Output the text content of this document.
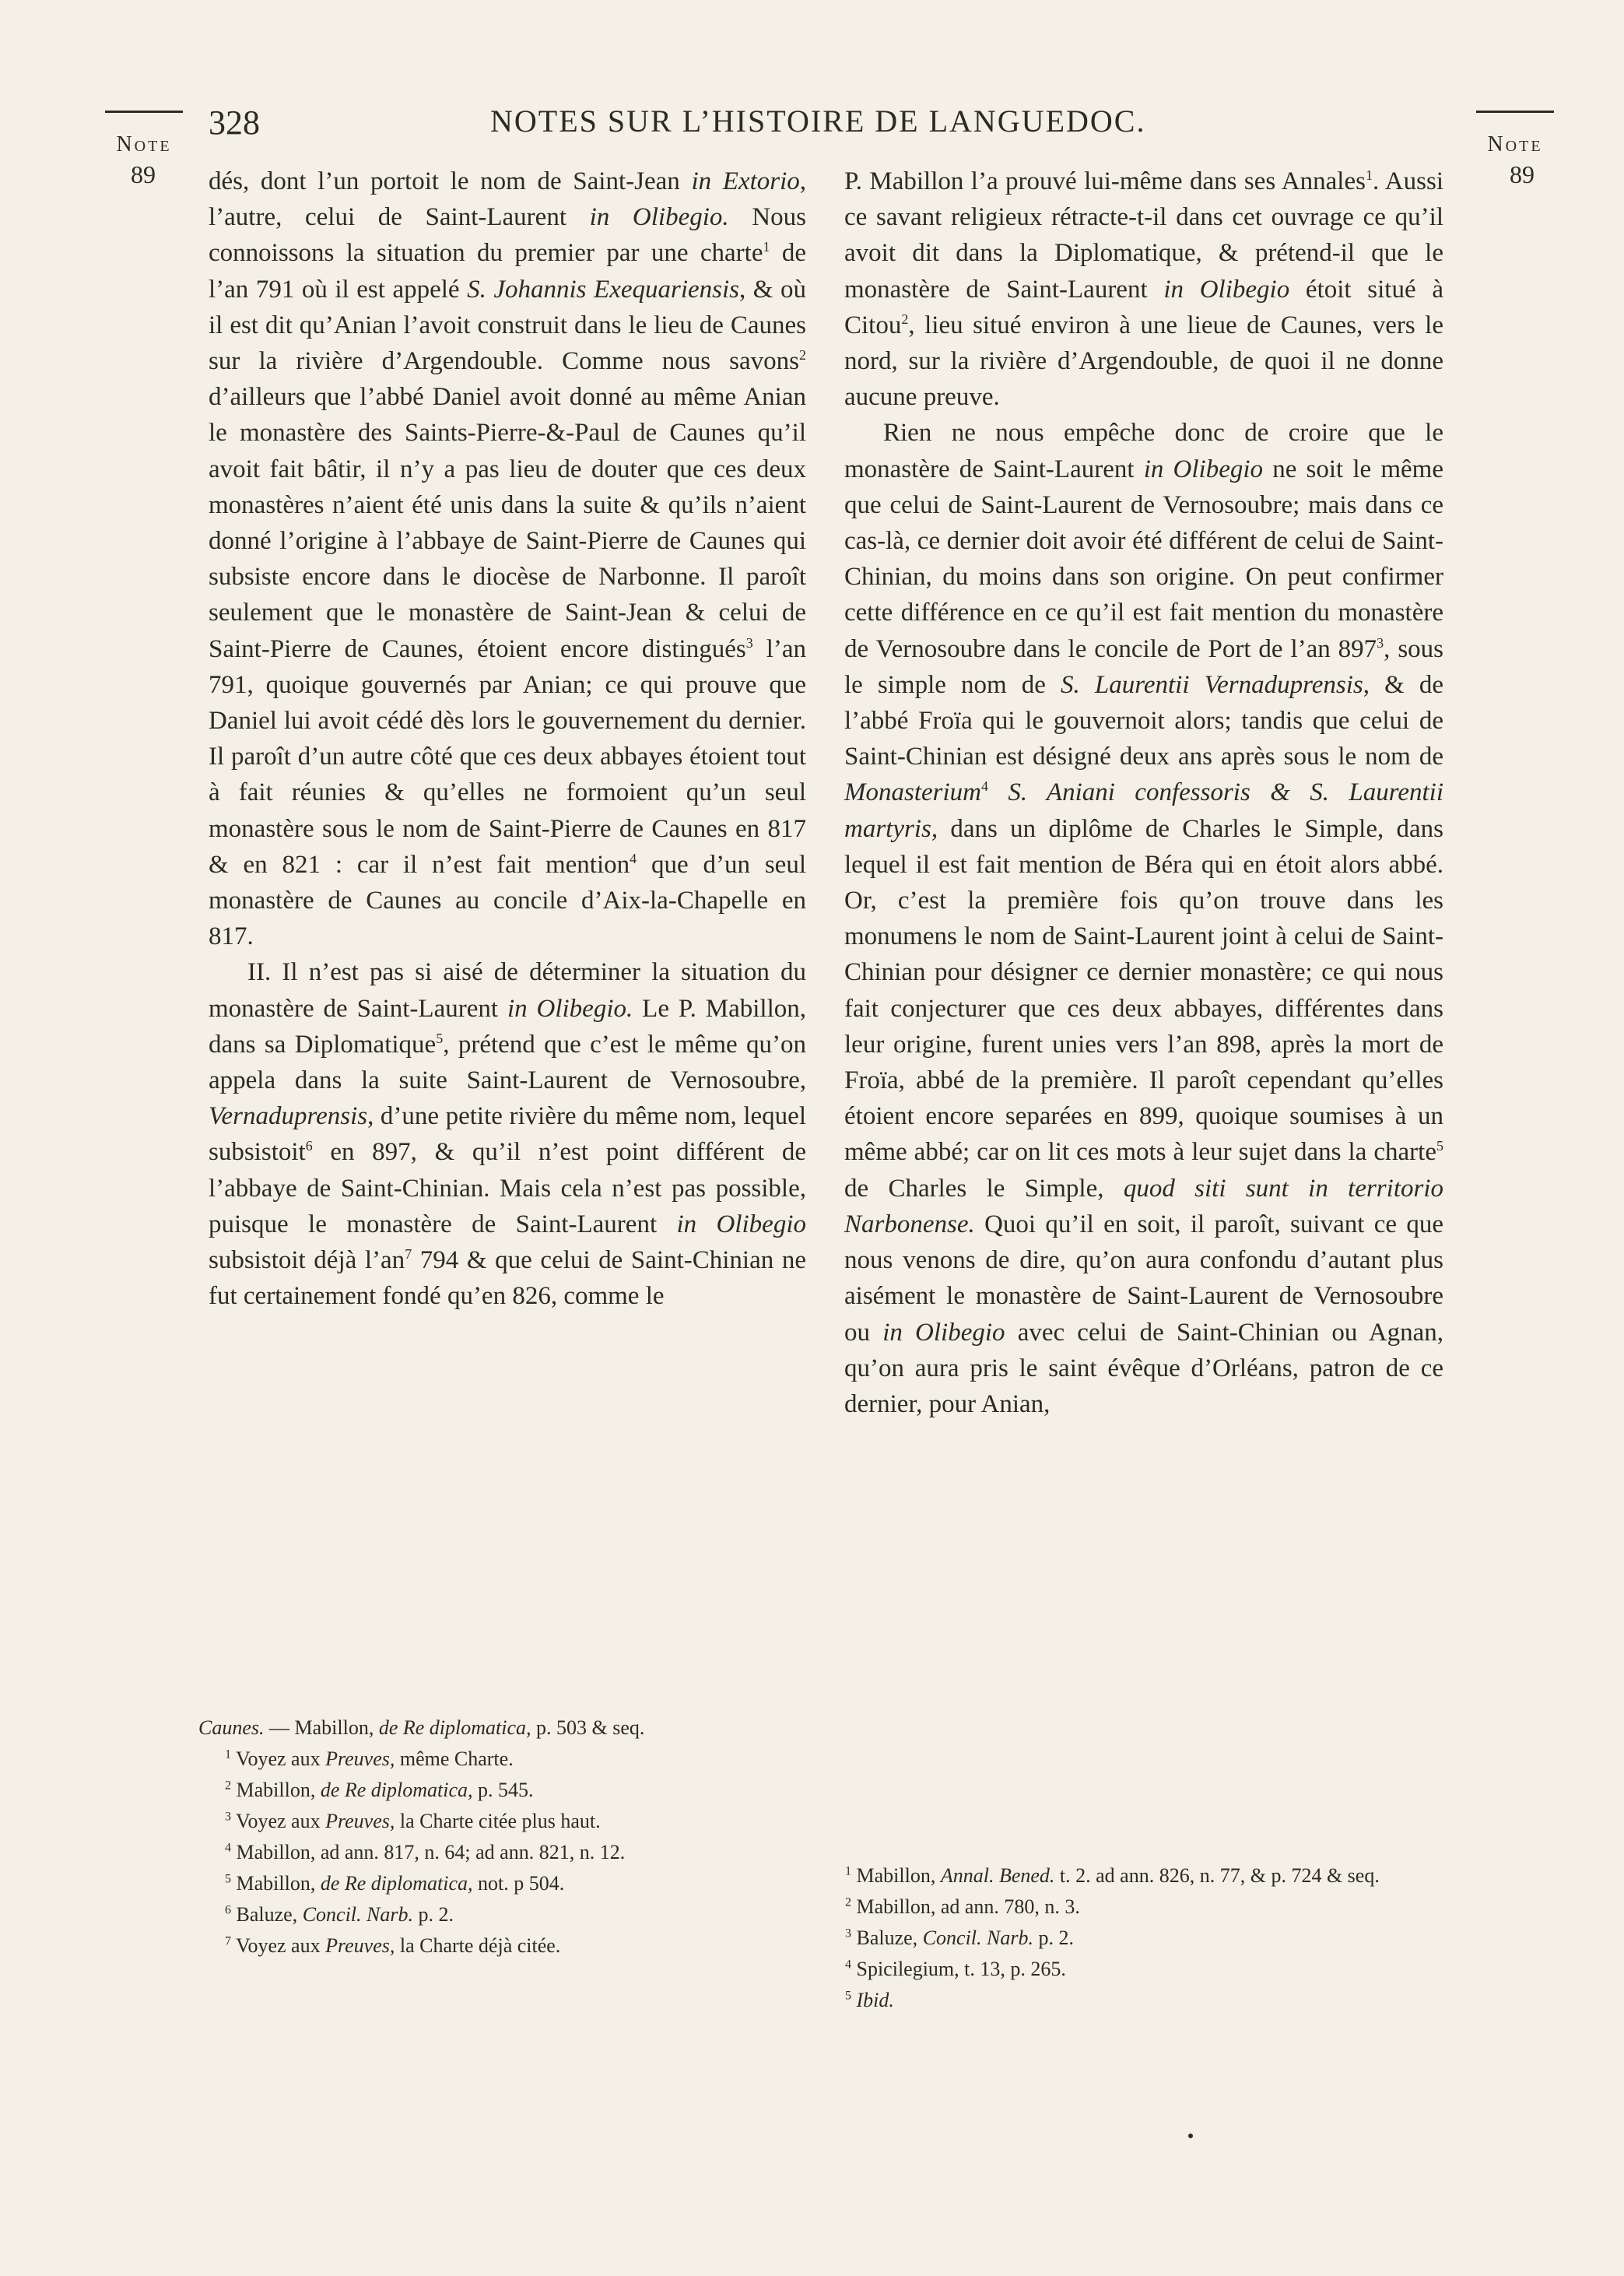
Note
89
Note
89
328	NOTES SUR L’HISTOIRE DE LANGUEDOC.

dés, dont l’un portoit le nom de Saint-Jean in Extorio, l’autre, celui de Saint-Laurent in Olibegio. Nous connoissons la situation du premier par une charte$^1$ de l’an 791 où il est appelé S. Johannis Exequariensis, & où il est dit qu’Anian l’avoit construit dans le lieu de Caunes sur la rivière d’Argendouble. Comme nous savons$^2$ d’ailleurs que l’abbé Daniel avoit donné au même Anian le monastère des Saints-Pierre-&-Paul de Caunes qu’il avoit fait bâtir, il n’y a pas lieu de douter que ces deux monastères n’aient été unis dans la suite & qu’ils n’aient donné l’origine à l’abbaye de Saint-Pierre de Caunes qui subsiste encore dans le diocèse de Narbonne. Il paroît seulement que le monastère de Saint-Jean & celui de Saint-Pierre de Caunes, étoient encore distingués$^3$ l’an 791, quoique gouvernés par Anian; ce qui prouve que Daniel lui avoit cédé dès lors le gouvernement du dernier. Il paroît d’un autre côté que ces deux abbayes étoient tout à fait réunies & qu’elles ne formoient qu’un seul monastère sous le nom de Saint-Pierre de Caunes en 817 & en 821 : car il n’est fait mention$^4$ que d’un seul monastère de Caunes au concile d’Aix-la-Chapelle en 817.

II. Il n’est pas si aisé de déterminer la situation du monastère de Saint-Laurent in Olibegio. Le P. Mabillon, dans sa Diplomatique$^5$, prétend que c’est le même qu’on appela dans la suite Saint-Laurent de Vernosoubre, Vernaduprensis, d’une petite rivière du même nom, lequel subsistoit$^6$ en 897, & qu’il n’est point différent de l’abbaye de Saint-Chinian. Mais cela n’est pas possible, puisque le monastère de Saint-Laurent in Olibegio subsistoit déjà $l’an^7$ 794 & que celui de Saint-Chinian ne fut certainement fondé qu’en 826, comme le

P. Mabillon l’a prouvé lui-même dans ses Annales$^1$. Aussi ce savant religieux rétracte-t-il dans cet ouvrage ce qu’il avoit dit dans la Diplomatique, & prétend-il que le monastère de Saint-Laurent in Olibegio étoit situé à Citou$^2$, lieu situé environ à une lieue de Caunes, vers le nord, sur la rivière d’Argendouble, de quoi il ne donne aucune preuve.

Rien ne nous empêche donc de croire que le monastère de Saint-Laurent in Olibegio ne soit le même que celui de Saint-Laurent de Vernosoubre; mais dans ce cas-là, ce dernier doit avoir été différent de celui de Saint-Chinian, du moins dans son origine. On peut confirmer cette différence en ce qu’il est fait mention du monastère de Vernosoubre dans le concile de Port de l’an $897^3$, sous le simple nom de S. Laurentii Vernaduprensis, & de l’abbé Froïa qui le gouvernoit alors; tandis que celui de Saint-Chinian est désigné deux ans après sous le nom de Monasterium$^4$ S. Aniani confessoris & S. Laurentii martyris, dans un diplôme de Charles le Simple, dans lequel il est fait mention de Béra qui en étoit alors abbé. Or, c’est la première fois qu’on trouve dans les monumens le nom de Saint-Laurent joint à celui de Saint-Chinian pour désigner ce dernier monastère; ce qui nous fait conjecturer que ces deux abbayes, différentes dans leur origine, furent unies vers l’an 898, après la mort de Froïa, abbé de la première. Il paroît cependant qu’elles étoient encore separées en 899, quoique soumises à un même abbé; car on lit ces mots à leur sujet dans la charte$^5$ de Charles le Simple, quod siti sunt in territorio Narbonense. Quoi qu’il en soit, il paroît, suivant ce que nous venons de dire, qu’on aura confondu d’autant plus aisément le monastère de Saint-Laurent de Vernosoubre ou in Olibegio avec celui de Saint-Chinian ou Agnan, qu’on aura pris le saint évêque d’Orléans, patron de ce dernier, pour Anian,

Caunes. — Mabillon, de Re diplomatica, p. 503 & seq.

$^1$ Voyez aux Preuves, même Charte.

$^2$ Mabillon, de Re diplomatica, p. 545.

$^3$ Voyez aux Preuves, la Charte citée plus haut.

$^4$ Mabillon, ad ann. 817, n. 64; ad ann. 821, n. 12.

$^5$ Mabillon, de Re diplomatica, not. p 504.

$^6$ Baluze, Concil. Narb. p. 2.

$^7$ Voyez aux Preuves, la Charte déjà citée.

$^1$ Mabillon, Annal. Bened. t. 2. ad ann. 826, n. 77, & p. 724 & seq.

$^2$ Mabillon, ad ann. 780, n. 3.

$^3$ Baluze, Concil. Narb. p. 2.

$^4$ Spicilegium, t. 13, p. 265.

$^5$ Ibid.
